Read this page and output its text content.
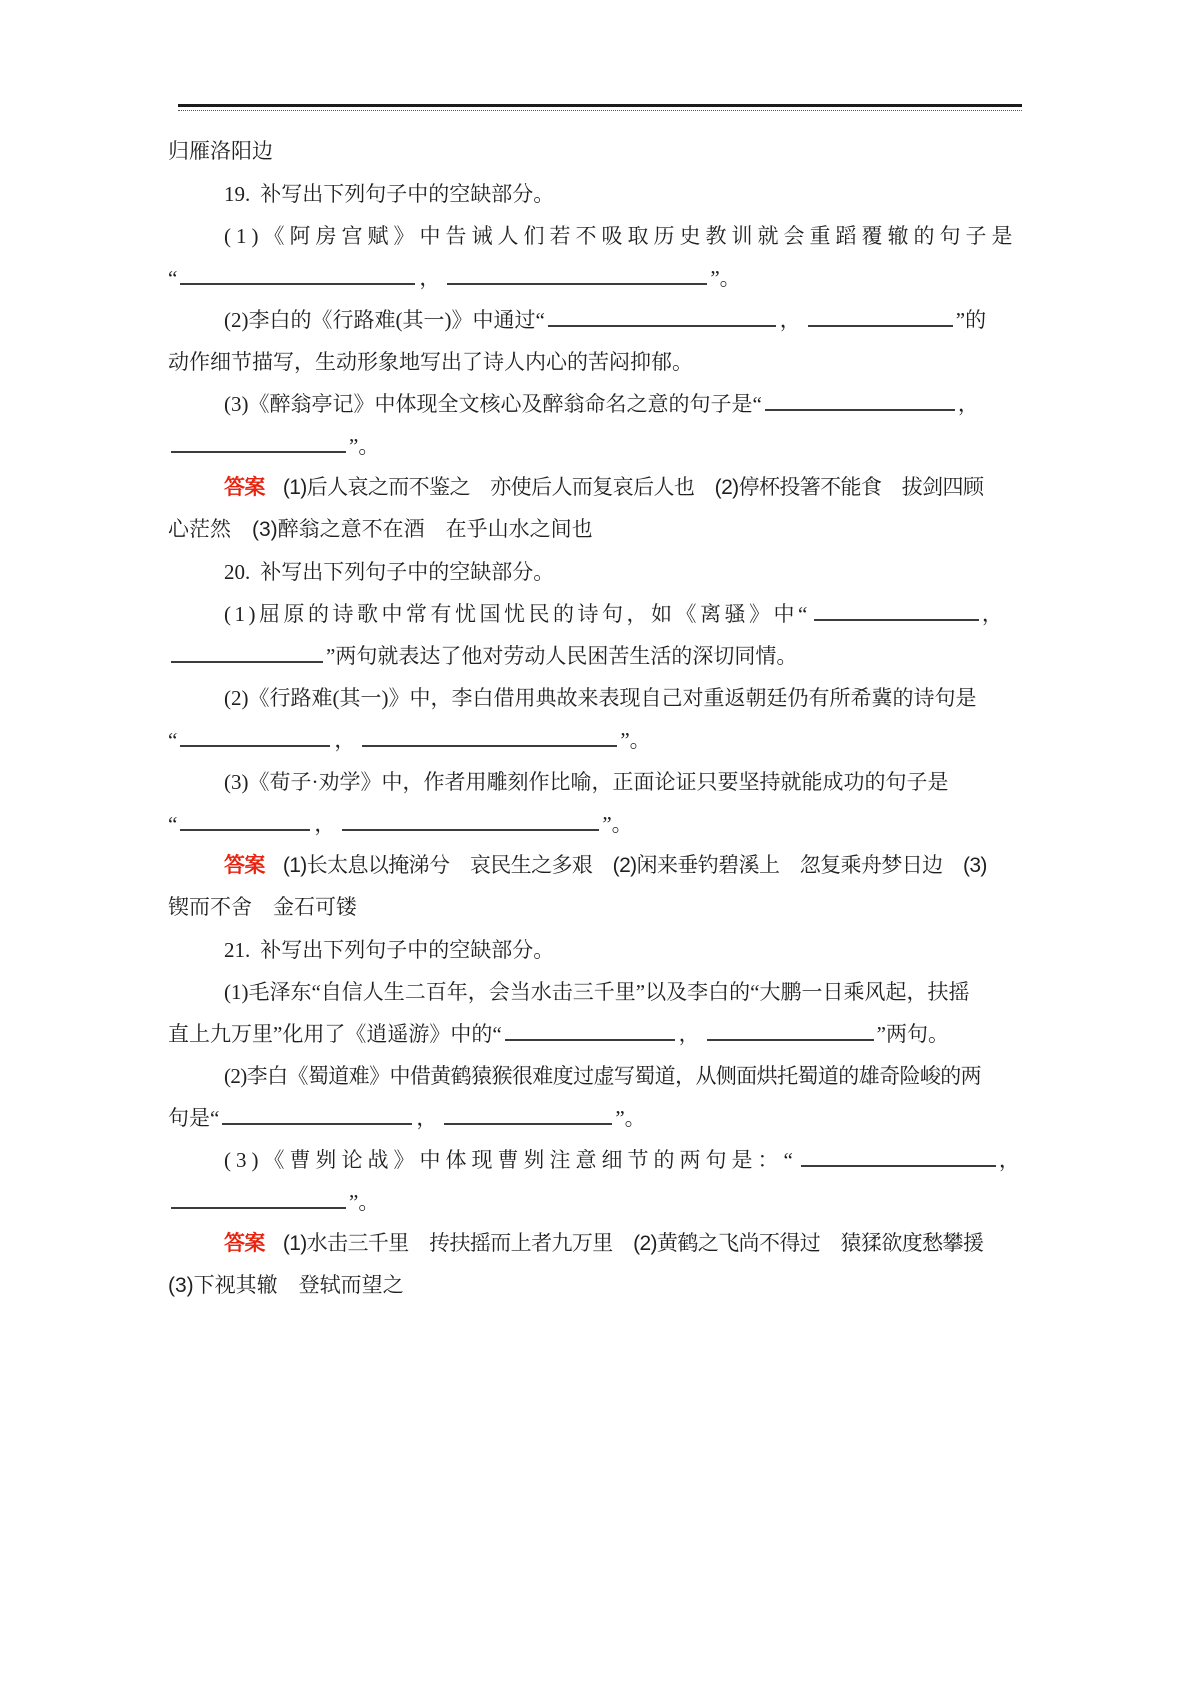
归雁洛阳边
19. 补写出下列句子中的空缺部分。
(1)《阿房宫赋》中告诫人们若不吸取历史教训就会重蹈覆辙的句子是
“	，	”。
(2)李白的《行路难(其一)》中通过“	，	”的
动作细节描写，生动形象地写出了诗人内心的苦闷抑郁。
(3)《醉翁亭记》中体现全文核心及醉翁命名之意的句子是“	，
”。
答案 (1)后人哀之而不鉴之　亦使后人而复哀后人也　(2)停杯投箸不能食　拔剑四顾
心茫然　(3)醉翁之意不在酒　在乎山水之间也
20. 补写出下列句子中的空缺部分。
(1)屈原的诗歌中常有忧国忧民的诗句，如《离骚》中“	，
”两句就表达了他对劳动人民困苦生活的深切同情。
(2)《行路难(其一)》中，李白借用典故来表现自己对重返朝廷仍有所希冀的诗句是
“	，	”。
(3)《荀子·劝学》中，作者用雕刻作比喻，正面论证只要坚持就能成功的句子是
“	，	”。
答案 (1)长太息以掩涕兮　哀民生之多艰　(2)闲来垂钓碧溪上　忽复乘舟梦日边　(3)
锲而不舍　金石可镂
21. 补写出下列句子中的空缺部分。
(1)毛泽东“自信人生二百年，会当水击三千里”以及李白的“大鹏一日乘风起，扶摇
直上九万里”化用了《逍遥游》中的“	，	”两句。
(2)李白《蜀道难》中借黄鹤猿猴很难度过虚写蜀道，从侧面烘托蜀道的雄奇险峻的两
句是“	，	”。
(3)《曹刿论战》中体现曹刿注意细节的两句是：“	，
”。
答案 (1)水击三千里　抟扶摇而上者九万里　(2)黄鹤之飞尚不得过　猿猱欲度愁攀援
(3)下视其辙　登轼而望之
